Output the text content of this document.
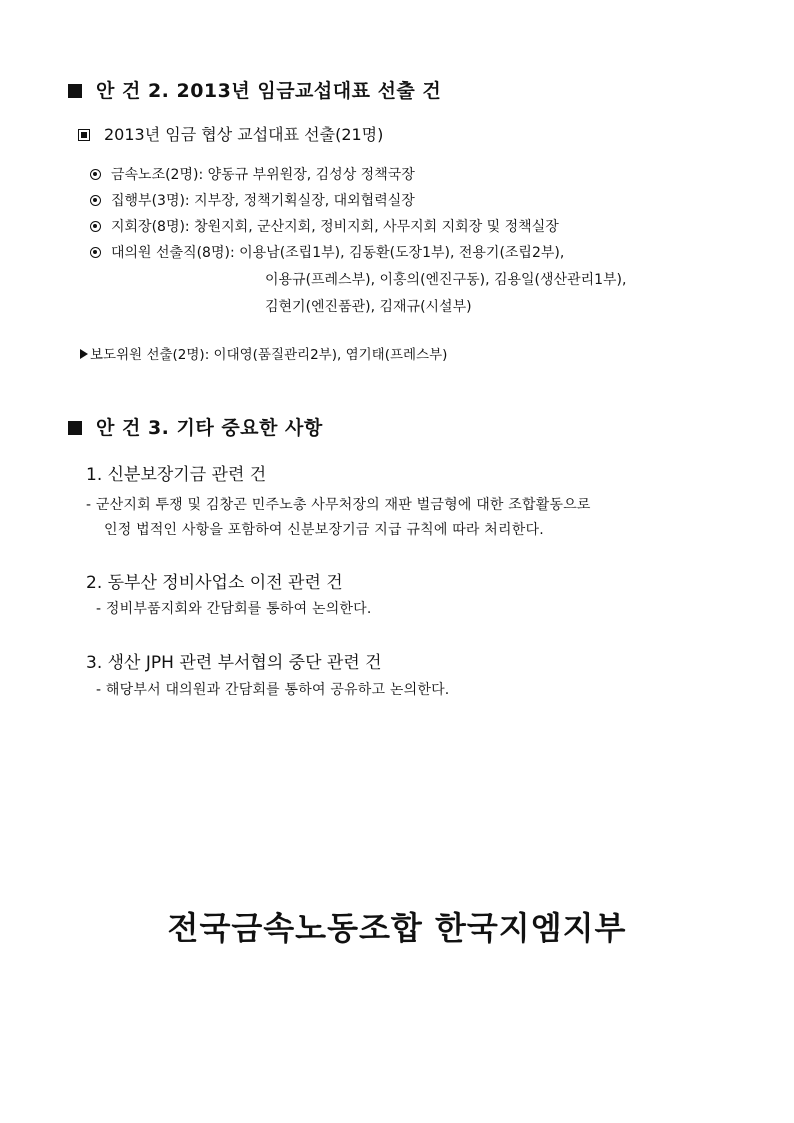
안 건 2. 2013년 임금교섭대표 선출 건
2013년 임금 협상 교섭대표 선출(21명)
금속노조(2명): 양동규 부위원장, 김성상 정책국장
집행부(3명): 지부장, 정책기획실장, 대외협력실장
지회장(8명): 창원지회, 군산지회, 정비지회, 사무지회 지회장 및 정책실장
대의원 선출직(8명): 이용남(조립1부), 김동환(도장1부), 전용기(조립2부),
이용규(프레스부), 이홍의(엔진구동), 김용일(생산관리1부),
김현기(엔진품관), 김재규(시설부)
보도위원 선출(2명): 이대영(품질관리2부), 염기태(프레스부)
안 건 3. 기타 중요한 사항
1. 신분보장기금 관련 건
- 군산지회 투쟁 및 김창곤 민주노총 사무처장의 재판 벌금형에 대한 조합활동으로
인정 법적인 사항을 포함하여 신분보장기금 지급 규칙에 따라 처리한다.
2. 동부산 정비사업소 이전 관련 건
- 정비부품지회와 간담회를 통하여 논의한다.
3. 생산 JPH 관련 부서협의 중단 관련 건
- 해당부서 대의원과 간담회를 통하여 공유하고 논의한다.
전국금속노동조합 한국지엠지부
